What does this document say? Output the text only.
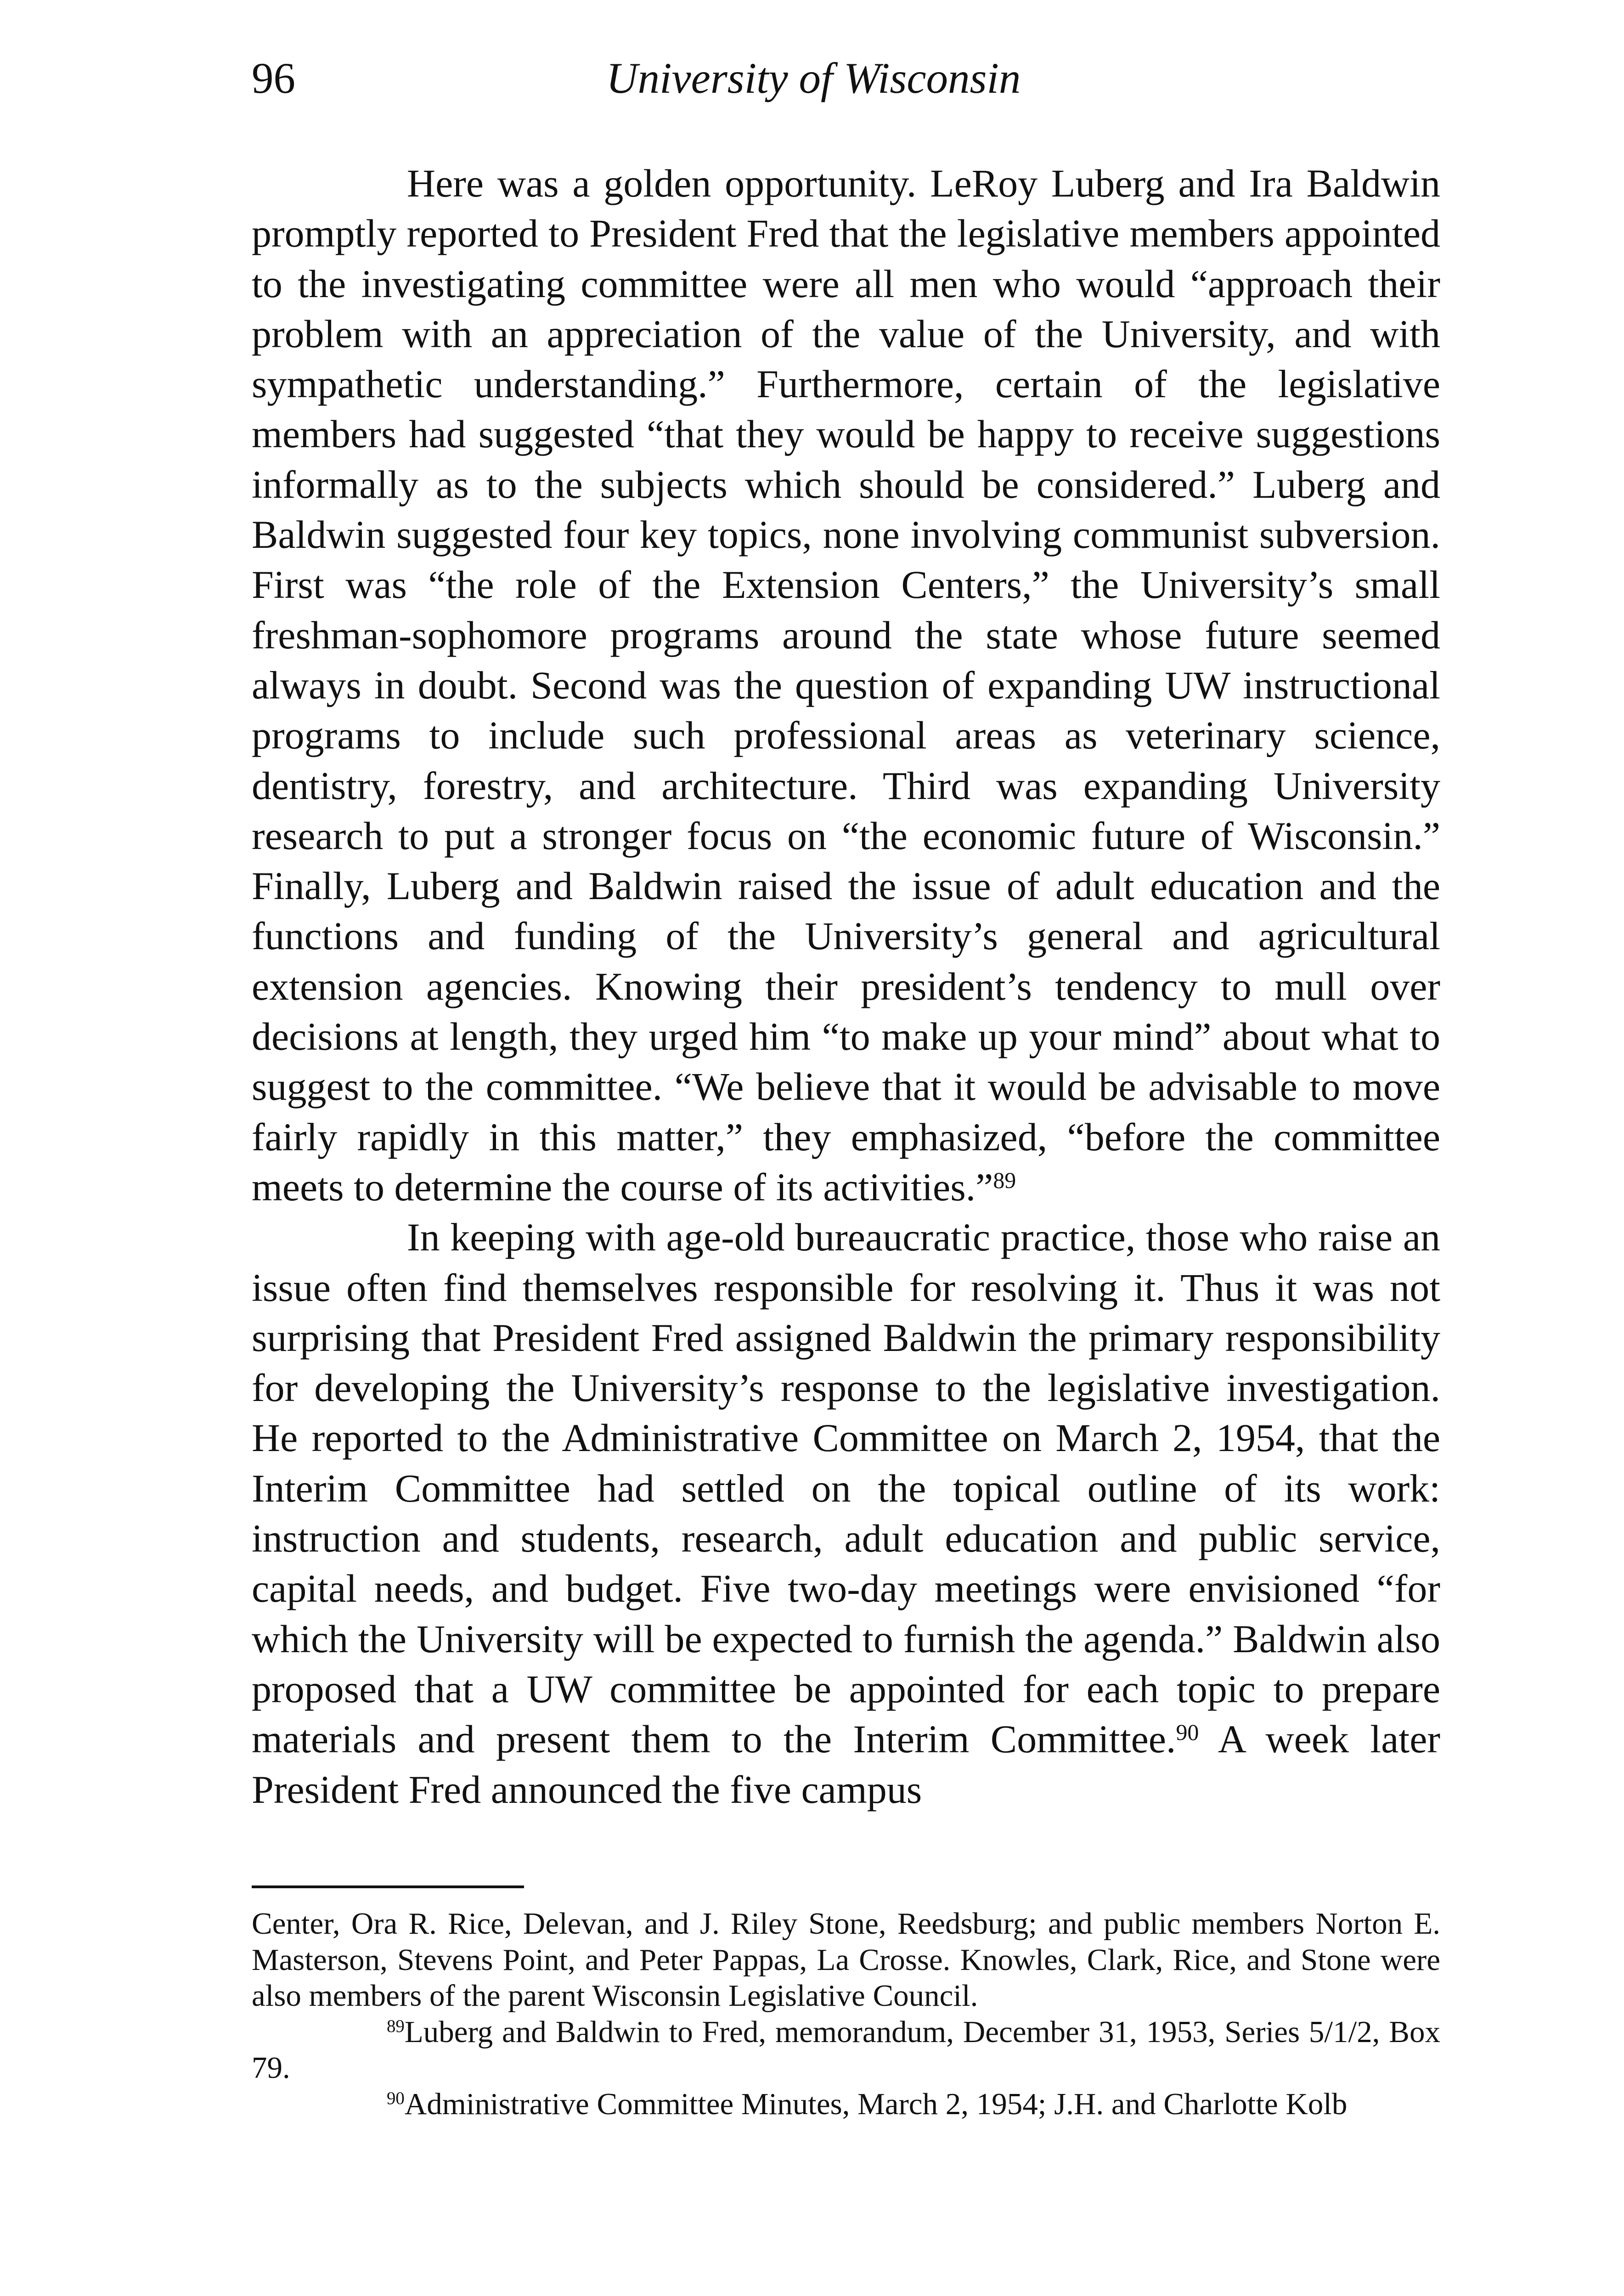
96	University of Wisconsin

Here was a golden opportunity. LeRoy Luberg and Ira Baldwin promptly reported to President Fred that the legislative members appointed to the investigating committee were all men who would “approach their problem with an appreciation of the value of the University, and with sympathetic understanding.” Furthermore, certain of the legislative members had suggested “that they would be happy to receive suggestions informally as to the subjects which should be considered.” Luberg and Baldwin suggested four key topics, none involving communist subversion. First was “the role of the Extension Centers,” the University’s small freshman-sophomore programs around the state whose future seemed always in doubt. Second was the question of expanding UW instructional programs to include such professional areas as veterinary science, dentistry, forestry, and architecture. Third was expanding University research to put a stronger focus on “the economic future of Wisconsin.” Finally, Luberg and Baldwin raised the issue of adult education and the functions and funding of the University’s general and agricultural extension agencies. Knowing their president’s tendency to mull over decisions at length, they urged him “to make up your mind” about what to suggest to the committee. “We believe that it would be advisable to move fairly rapidly in this matter,” they emphasized, “before the committee meets to determine the course of its activities.”$^{89}$

In keeping with age-old bureaucratic practice, those who raise an issue often find themselves responsible for resolving it. Thus it was not surprising that President Fred assigned Baldwin the primary responsibility for developing the University’s response to the legislative investigation. He reported to the Administrative Committee on March 2, 1954, that the Interim Committee had settled on the topical outline of its work: instruction and students, research, adult education and public service, capital needs, and budget. Five two-day meetings were envisioned “for which the University will be expected to furnish the agenda.” Baldwin also proposed that a UW committee be appointed for each topic to prepare materials and present them to the Interim Committee.$^{90}$ A week later President Fred announced the five campus

Center, Ora R. Rice, Delevan, and J. Riley Stone, Reedsburg; and public members Norton E. Masterson, Stevens Point, and Peter Pappas, La Crosse. Knowles, Clark, Rice, and Stone were also members of the parent Wisconsin Legislative Council.

$^{89}$Luberg and Baldwin to Fred, memorandum, December 31, 1953, Series 5/1/2, Box 79.

$^{90}$Administrative Committee Minutes, March 2, 1954; J.H. and Charlotte Kolb
